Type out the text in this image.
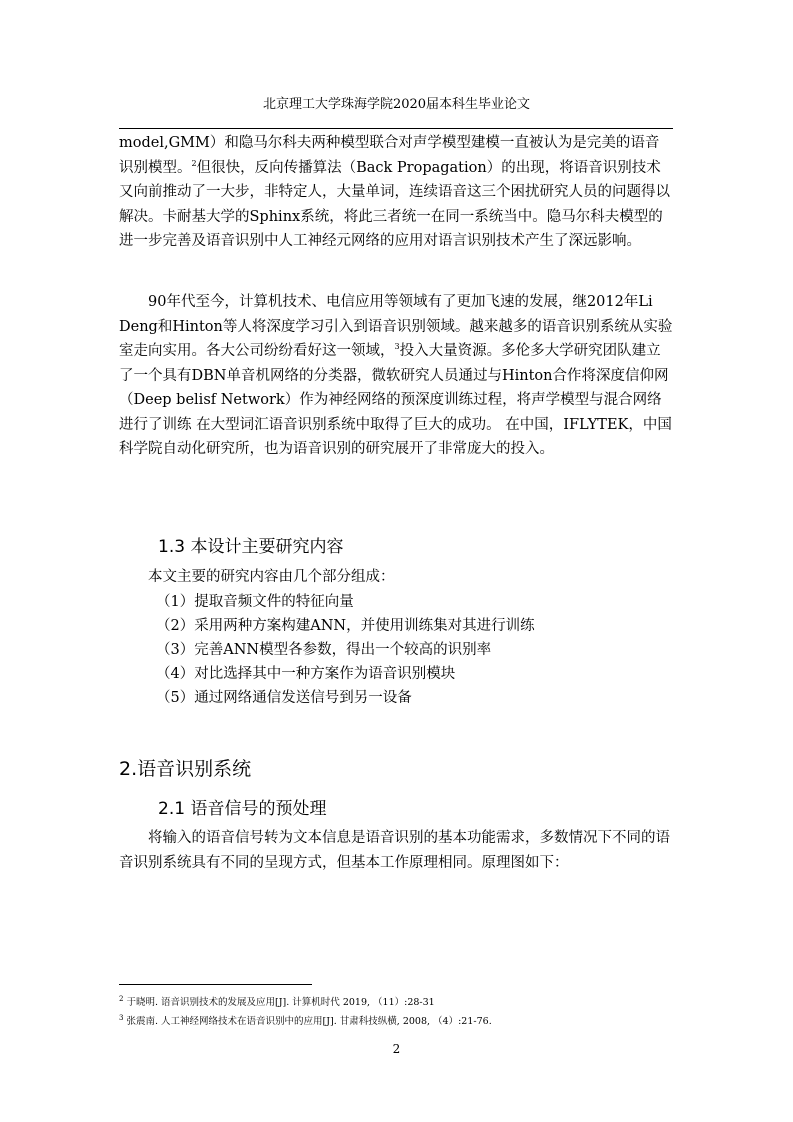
北京理工大学珠海学院2020届本科生毕业论文
model,GMM）和隐马尔科夫两种模型联合对声学模型建模一直被认为是完美的语音识别模型。$^2$但很快，反向传播算法（Back Propagation）的出现，将语音识别技术又向前推动了一大步，非特定人，大量单词，连续语音这三个困扰研究人员的问题得以解决。卡耐基大学的Sphinx系统，将此三者统一在同一系统当中。隐马尔科夫模型的进一步完善及语音识别中人工神经元网络的应用对语言识别技术产生了深远影响。
90年代至今，计算机技术、电信应用等领域有了更加飞速的发展，继2012年Li Deng和Hinton等人将深度学习引入到语音识别领域。越来越多的语音识别系统从实验室走向实用。各大公司纷纷看好这一领域，$^3$投入大量资源。多伦多大学研究团队建立了一个具有DBN单音机网络的分类器，微软研究人员通过与Hinton合作将深度信仰网（Deep belisf Network）作为神经网络的预深度训练过程，将声学模型与混合网络进行了训练 在大型词汇语音识别系统中取得了巨大的成功。 在中国，IFLYTEK，中国科学院自动化研究所，也为语音识别的研究展开了非常庞大的投入。
1.3 本设计主要研究内容
本文主要的研究内容由几个部分组成：
（1）提取音频文件的特征向量
（2）采用两种方案构建ANN，并使用训练集对其进行训练
（3）完善ANN模型各参数，得出一个较高的识别率
（4）对比选择其中一种方案作为语音识别模块
（5）通过网络通信发送信号到另一设备
2.语音识别系统
2.1 语音信号的预处理
将输入的语音信号转为文本信息是语音识别的基本功能需求，多数情况下不同的语音识别系统具有不同的呈现方式，但基本工作原理相同。原理图如下：
$^2$ 于晓明. 语音识别技术的发展及应用[J]. 计算机时代 2019, （11）:28-31
$^3$ 张震南. 人工神经网络技术在语音识别中的应用[J]. 甘肃科技纵横, 2008, （4）:21-76.
2
